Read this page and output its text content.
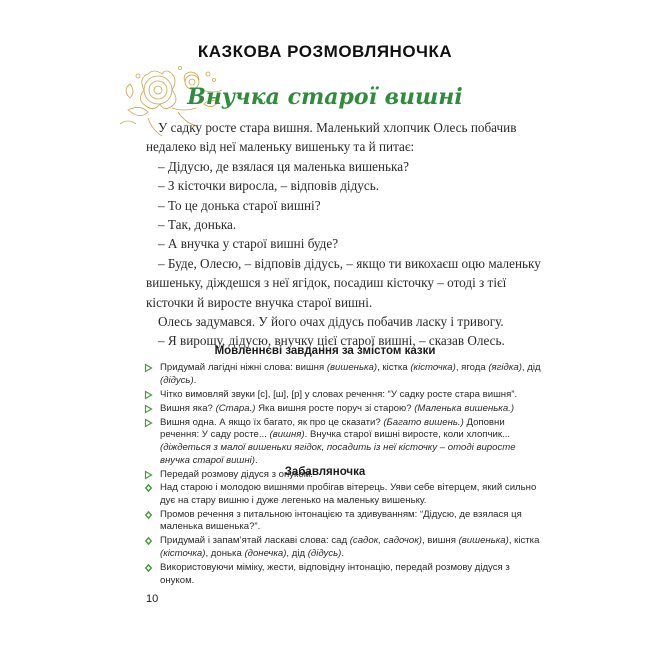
КАЗКОВА РОЗМОВЛЯНОЧКА
Внучка старої вишні

У садку росте стара вишня. Маленький хлопчик Олесь побачив недалеко від неї маленьку вишеньку та й питає:

– Дідусю, де взялася ця маленька вишенька?

– З кісточки виросла, – відповів дідусь.

– То це донька старої вишні?

– Так, донька.

– А внучка у старої вишні буде?

– Буде, Олесю, – відповів дідусь, – якщо ти викохаєш оцю маленьку вишеньку, діждешся з неї ягідок, посадиш кісточку – отоді з тієї кісточки й виросте внучка старої вишні.

Олесь задумався. У його очах дідусь побачив ласку і тривогу.

– Я вирощу, дідусю, внучку цієї старої вишні, – сказав Олесь.

Мовленнєві завдання за змістом казки
Придумай лагідні ніжні слова: вишня (вишенька), кістка (кісточка), ягода (ягідка), дід (дідусь).
Чітко вимовляй звуки [с], [ш], [р] у словах речення: “У садку росте стара вишня”.
Вишня яка? (Стара.) Яка вишня росте поруч зі старою? (Маленька вишенька.)
Вишня одна. А якщо їх багато, як про це сказати? (Багато вишень.) Доповни речення: У саду росте... (вишня). Внучка старої вишні виросте, коли хлопчик... (діждеться з малої вишеньки ягідок, посадить із неї кісточку – отоді виросте внучка старої вишні).
Передай розмову дідуся з онуком.
Забавляночка
Над старою і молодою вишнями пробігав вітерець. Уяви себе вітерцем, який сильно дує на стару вишню і дуже легенько на маленьку вишеньку.
Промов речення з питальною інтонацією та здивуванням: “Дідусю, де взялася ця маленька вишенька?”.
Придумай і запам’ятай ласкаві слова: сад (садок, садочок), вишня (вишенька), кістка (кісточка), донька (донечка), дід (дідусь).
Використовуючи міміку, жести, відповідну інтонацію, передай розмову дідуся з онуком.
10
